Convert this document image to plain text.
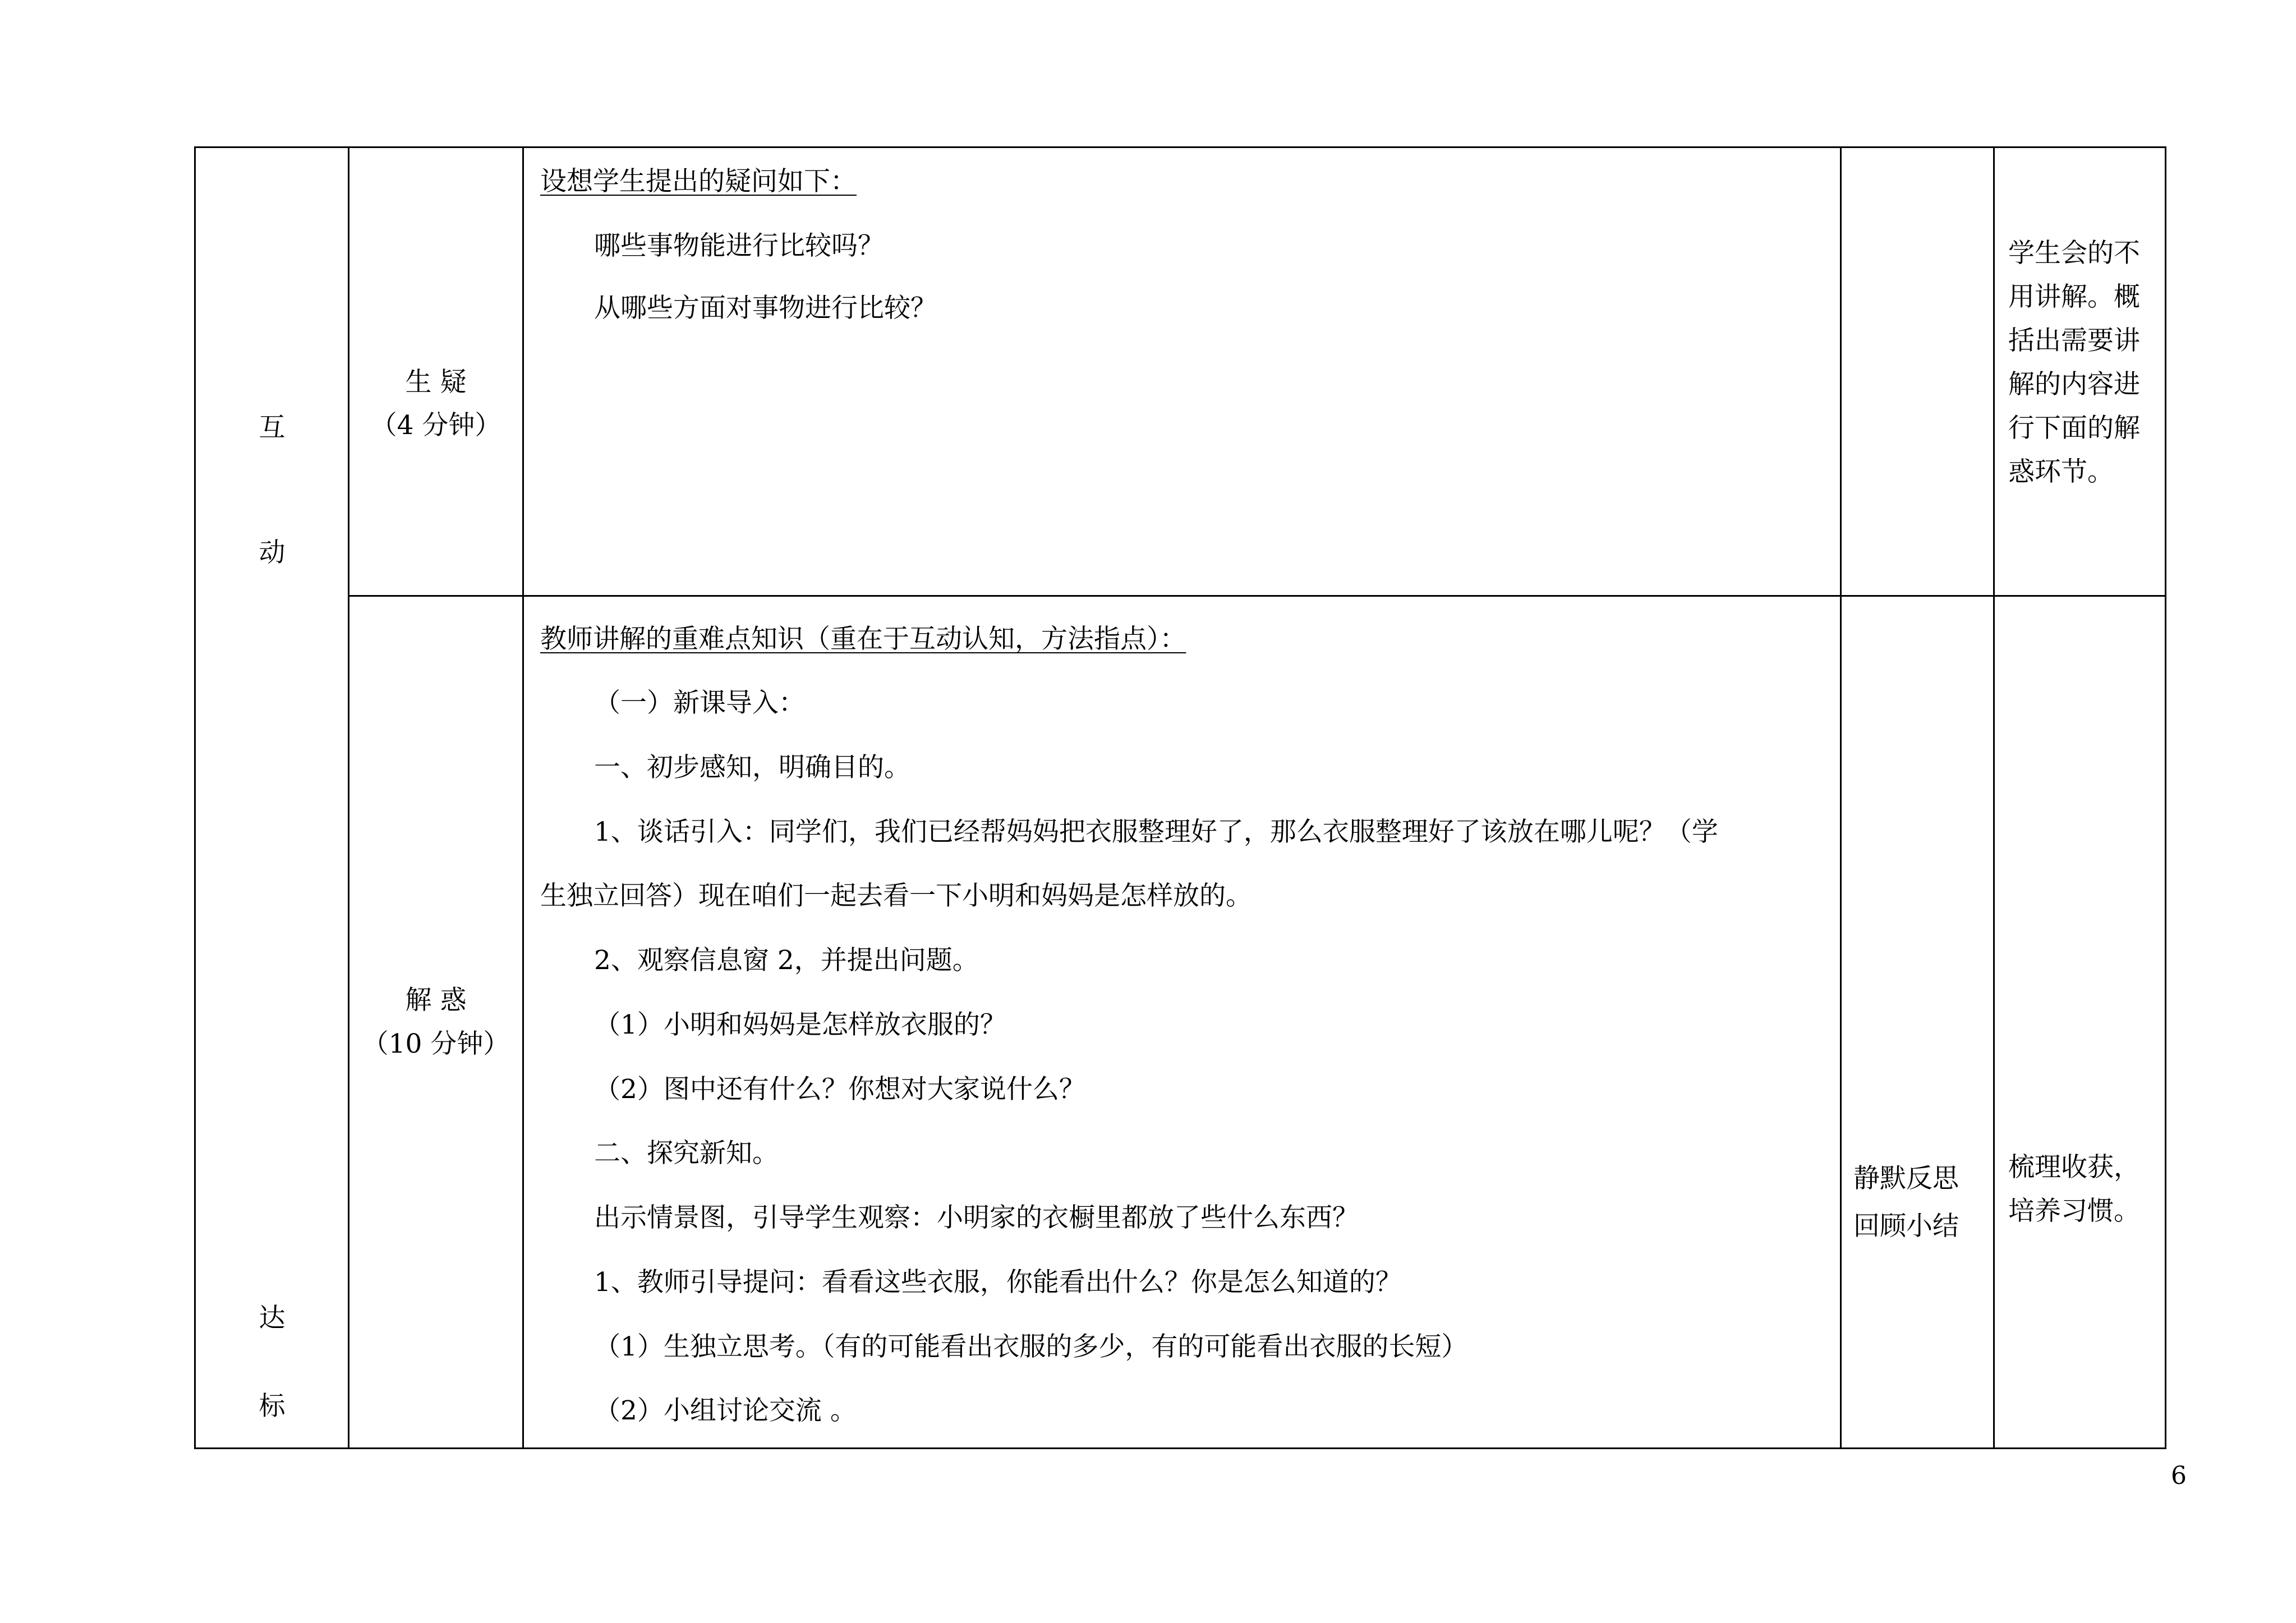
互
动
达
标
生 疑
（4 分钟）
设想学生提出的疑问如下：
哪些事物能进行比较吗？
从哪些方面对事物进行比较？
学生会的不
用讲解。概
括出需要讲
解的内容进
行下面的解
惑环节。
解 惑
（10 分钟）
教师讲解的重难点知识（重在于互动认知，方法指点）：
（一）新课导入：
一、初步感知，明确目的。
1、谈话引入：同学们，我们已经帮妈妈把衣服整理好了，那么衣服整理好了该放在哪儿呢？（学
生独立回答）现在咱们一起去看一下小明和妈妈是怎样放的。
2、观察信息窗 2，并提出问题。
（1）小明和妈妈是怎样放衣服的？
（2）图中还有什么？你想对大家说什么？
二、探究新知。
出示情景图，引导学生观察：小明家的衣橱里都放了些什么东西？
1、教师引导提问：看看这些衣服，你能看出什么？你是怎么知道的？
（1）生独立思考。（有的可能看出衣服的多少，有的可能看出衣服的长短）
（2）小组讨论交流 。
静默反思
回顾小结
梳理收获，
培养习惯。
6
